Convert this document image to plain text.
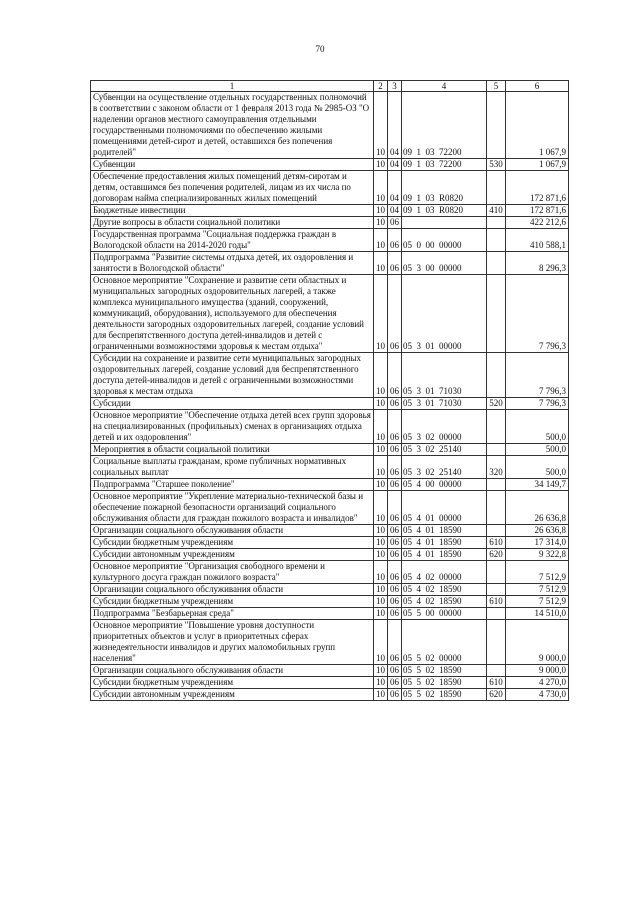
70
1	2	3	4	5	6
Субвенции на осуществление отдельных государственных полномочий в соответствии с законом области от 1 февраля 2013 года № 2985-ОЗ "О наделении органов местного самоуправления отдельными государственными полномочиями по обеспечению жилыми помещениями детей-сирот и детей, оставшихся без попечения родителей"	10	04	09  1  03  72200		1 067,9
Субвенции	10	04	09  1  03  72200	530	1 067,9
Обеспечение предоставления жилых помещений детям-сиротам и детям, оставшимся без попечения родителей, лицам из их числа по договорам найма специализированных жилых помещений	10	04	09  1  03  R0820		172 871,6
Бюджетные инвестиции	10	04	09  1  03  R0820	410	172 871,6
Другие вопросы в области социальной политики	10	06			422 212,6
Государственная программа "Социальная поддержка граждан в Вологодской области на 2014-2020 годы"	10	06	05  0  00  00000		410 588,1
Подпрограмма "Развитие системы отдыха детей, их оздоровления и занятости в Вологодской области"	10	06	05  3  00  00000		8 296,3
Основное мероприятие "Сохранение и развитие сети областных и муниципальных загородных оздоровительных лагерей, а также комплекса муниципального имущества (зданий, сооружений, коммуникаций, оборудования), используемого для обеспечения деятельности загородных оздоровительных лагерей, создание условий для беспрепятственного доступа детей-инвалидов и детей с ограниченными возможностями здоровья к местам отдыха"	10	06	05  3  01  00000		7 796,3
Субсидии на сохранение и развитие сети муниципальных загородных оздоровительных лагерей, создание условий для беспрепятственного доступа детей-инвалидов и детей с ограниченными возможностями здоровья к местам отдыха	10	06	05  3  01  71030		7 796,3
Субсидии	10	06	05  3  01  71030	520	7 796,3
Основное мероприятие "Обеспечение отдыха детей всех групп здоровья на специализированных (профильных) сменах в организациях отдыха детей и их оздоровления"	10	06	05  3  02  00000		500,0
Мероприятия в области социальной политики	10	06	05  3  02  25140		500,0
Социальные выплаты гражданам, кроме публичных нормативных социальных выплат	10	06	05  3  02  25140	320	500,0
Подпрограмма "Старшее поколение"	10	06	05  4  00  00000		34 149,7
Основное мероприятие "Укрепление материально-технической базы и обеспечение пожарной безопасности организаций социального обслуживания области для граждан пожилого возраста и инвалидов"	10	06	05  4  01  00000		26 636,8
Организации социального обслуживания области	10	06	05  4  01  18590		26 636,8
Субсидии бюджетным учреждениям	10	06	05  4  01  18590	610	17 314,0
Субсидии автономным учреждениям	10	06	05  4  01  18590	620	9 322,8
Основное мероприятие "Организация свободного времени и культурного досуга граждан пожилого возраста"	10	06	05  4  02  00000		7 512,9
Организации социального обслуживания области	10	06	05  4  02  18590		7 512,9
Субсидии бюджетным учреждениям	10	06	05  4  02  18590	610	7 512,9
Подпрограмма "Безбарьерная среда"	10	06	05  5  00  00000		14 510,0
Основное мероприятие "Повышение уровня доступности приоритетных объектов и услуг в приоритетных сферах жизнедеятельности инвалидов и других маломобильных групп населения"	10	06	05  5  02  00000		9 000,0
Организации социального обслуживания области	10	06	05  5  02  18590		9 000,0
Субсидии бюджетным учреждениям	10	06	05  5  02  18590	610	4 270,0
Субсидии автономным учреждениям	10	06	05  5  02  18590	620	4 730,0
